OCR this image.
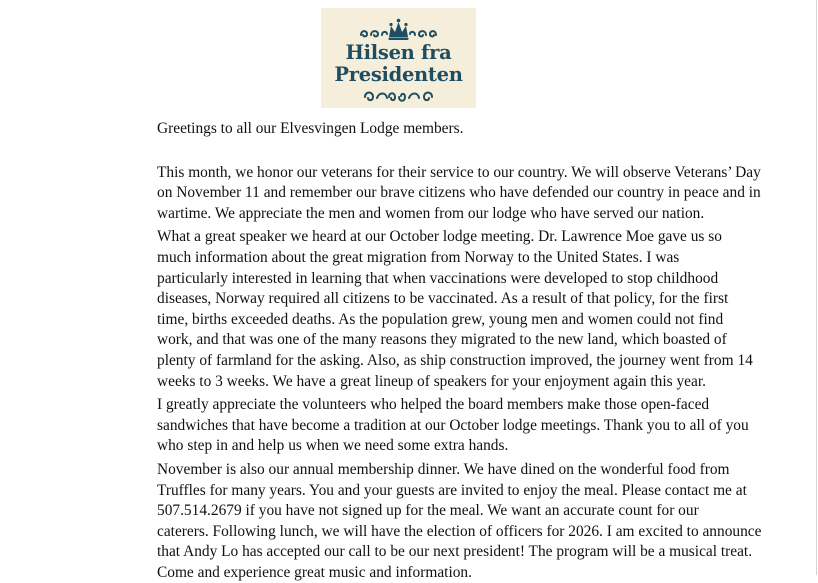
Hilsen fra
Presidenten

Greetings to all our Elvesvingen Lodge members.

This month, we honor our veterans for their service to our country. We will observe Veterans’ Day

on November 11 and remember our brave citizens who have defended our country in peace and in

wartime. We appreciate the men and women from our lodge who have served our nation.

What a great speaker we heard at our October lodge meeting. Dr. Lawrence Moe gave us so

much information about the great migration from Norway to the United States. I was

particularly interested in learning that when vaccinations were developed to stop childhood

diseases, Norway required all citizens to be vaccinated. As a result of that policy, for the first

time, births exceeded deaths. As the population grew, young men and women could not find

work, and that was one of the many reasons they migrated to the new land, which boasted of

plenty of farmland for the asking. Also, as ship construction improved, the journey went from 14

weeks to 3 weeks. We have a great lineup of speakers for your enjoyment again this year.

I greatly appreciate the volunteers who helped the board members make those open-faced

sandwiches that have become a tradition at our October lodge meetings. Thank you to all of you

who step in and help us when we need some extra hands.

November is also our annual membership dinner. We have dined on the wonderful food from

Truffles for many years. You and your guests are invited to enjoy the meal. Please contact me at

507.514.2679 if you have not signed up for the meal. We want an accurate count for our

caterers. Following lunch, we will have the election of officers for 2026. I am excited to announce

that Andy Lo has accepted our call to be our next president! The program will be a musical treat.

Come and experience great music and information.
